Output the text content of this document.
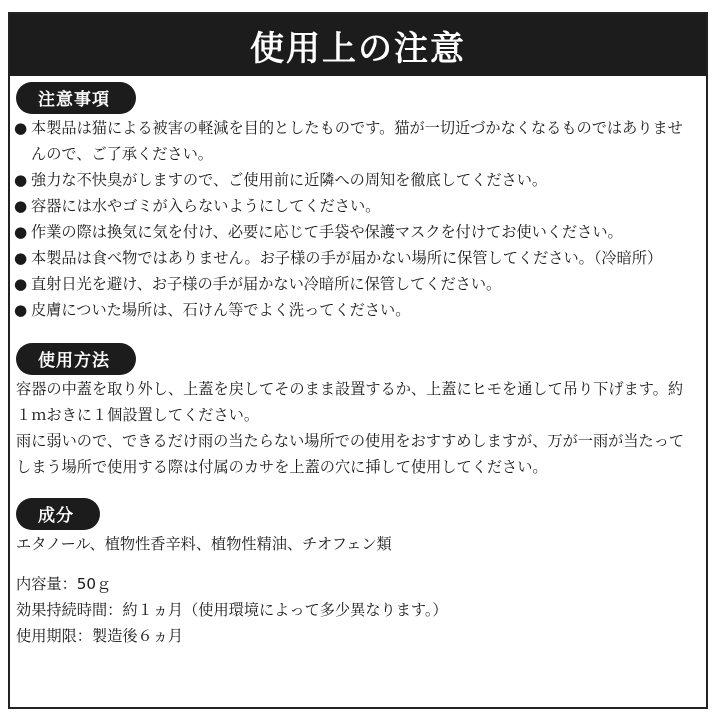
使用上の注意
注意事項
● 本製品は猫による被害の軽減を目的としたものです。猫が一切近づかなくなるものではありませんので、ご了承ください。
● 強力な不快臭がしますので、ご使用前に近隣への周知を徹底してください。
● 容器には水やゴミが入らないようにしてください。
● 作業の際は換気に気を付け、必要に応じて手袋や保護マスクを付けてお使いください。
● 本製品は食べ物ではありません。お子様の手が届かない場所に保管してください。（冷暗所）
● 直射日光を避け、お子様の手が届かない冷暗所に保管してください。
● 皮膚についた場所は、石けん等でよく洗ってください。
使用方法
容器の中蓋を取り外し、上蓋を戻してそのまま設置するか、上蓋にヒモを通して吊り下げます。約１ｍおきに１個設置してください。
雨に弱いので、できるだけ雨の当たらない場所での使用をおすすめしますが、万が一雨が当たってしまう場所で使用する際は付属のカサを上蓋の穴に挿して使用してください。
成分
エタノール、植物性香辛料、植物性精油、チオフェン類
内容量：50ｇ
効果持続時間：約１ヵ月（使用環境によって多少異なります。）
使用期限：製造後６ヵ月
